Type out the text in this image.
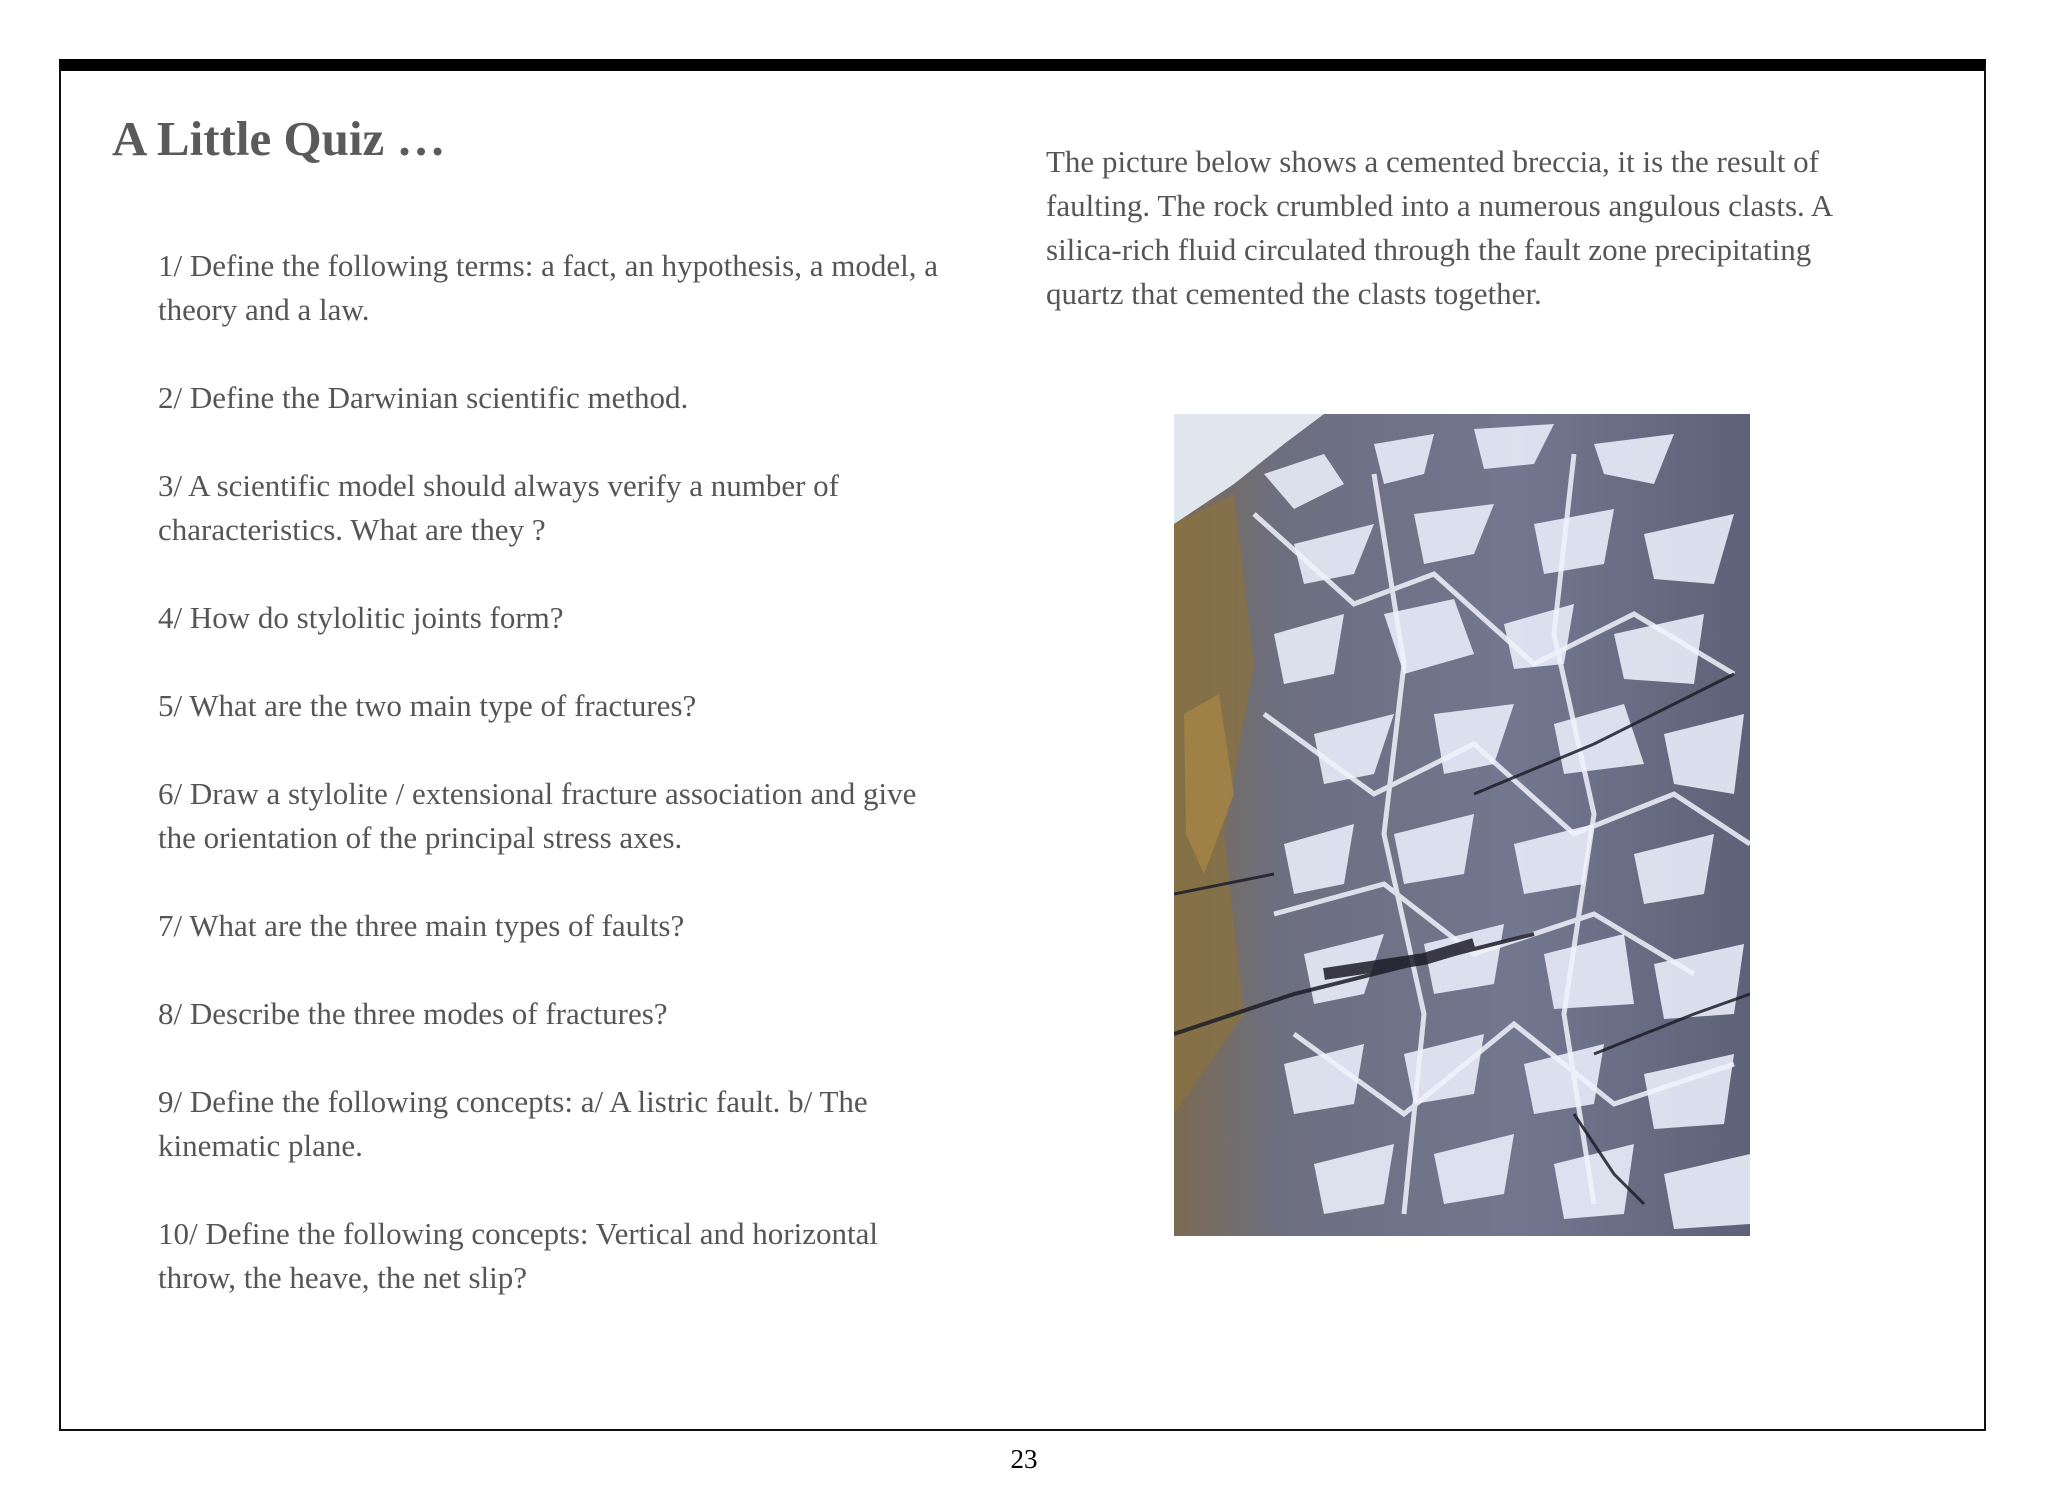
A Little Quiz …
1/ Define the following terms: a fact, an hypothesis, a model, a theory and a law.
2/ Define the Darwinian scientific method.
3/ A scientific model should always verify a number of characteristics. What are they ?
4/ How do stylolitic joints form?
5/ What are the two main type of fractures?
6/ Draw a stylolite / extensional fracture association and give the orientation of the principal stress axes.
7/ What are the three main types of faults?
8/ Describe the three modes of fractures?
9/ Define the following concepts: a/ A listric fault. b/ The kinematic plane.
10/ Define the following concepts: Vertical and horizontal throw, the heave, the net slip?

The picture below shows a cemented breccia, it is the result of faulting. The rock crumbled into a numerous angulous clasts. A silica-rich fluid circulated through the fault zone precipitating quartz that cemented the clasts together.

23
